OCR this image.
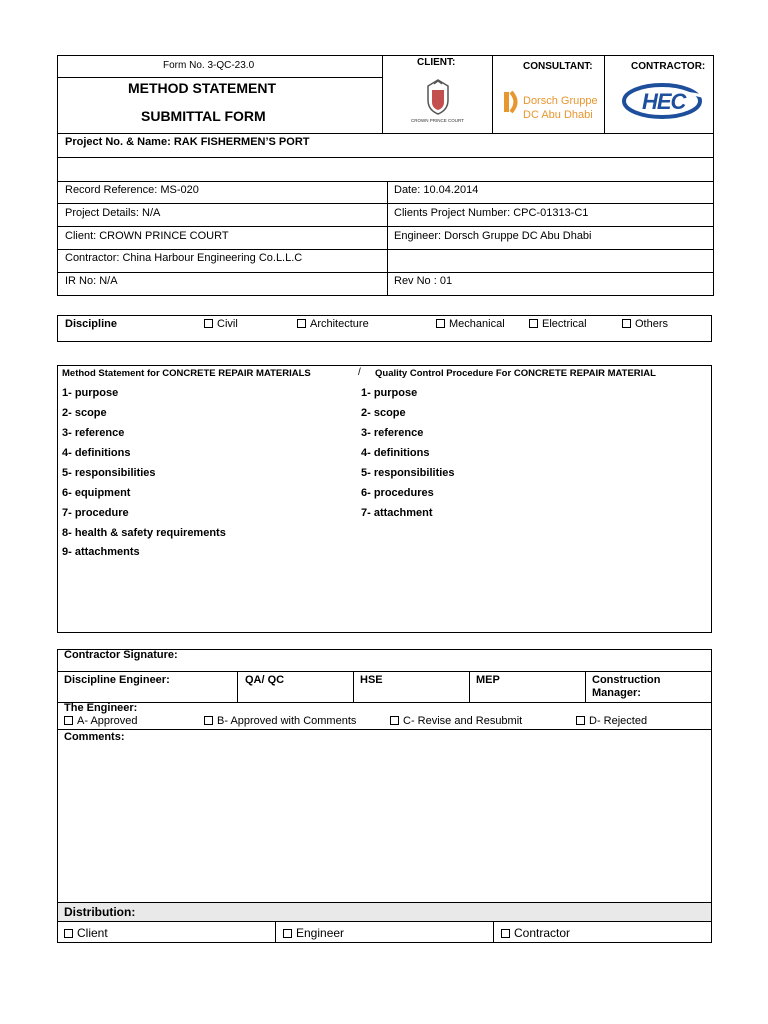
Form No. 3-QC-23.0
METHOD STATEMENT
SUBMITTAL FORM
CLIENT:	CONSULTANT:	CONTRACTOR:
CROWN PRINCE COURT
Dorsch Gruppe
DC Abu Dhabi
HEC
Project No. & Name: RAK FISHERMEN’S PORT
Record Reference: MS-020	Date: 10.04.2014
Project Details: N/A	Clients Project Number: CPC-01313-C1
Client: CROWN PRINCE COURT	Engineer: Dorsch Gruppe DC Abu Dhabi
Contractor: China Harbour Engineering Co.L.L.C
IR No: N/A	Rev No : 01
Discipline	Civil	Architecture	Mechanical	Electrical	Others
Method Statement for CONCRETE REPAIR MATERIALS	/ Quality Control Procedure For CONCRETE REPAIR MATERIAL
1- purpose
2- scope
3- reference
4- definitions
5- responsibilities
6- equipment
7- procedure
8- health & safety requirements
9- attachments
1- purpose
2- scope
3- reference
4- definitions
5- responsibilities
6- procedures
7- attachment
Contractor Signature:
Discipline Engineer:	QA/ QC	HSE	MEP	Construction
Manager:
The Engineer:
A- Approved	B- Approved with Comments	C- Revise and Resubmit	D- Rejected
Comments:
Distribution:
Client	Engineer	Contractor
